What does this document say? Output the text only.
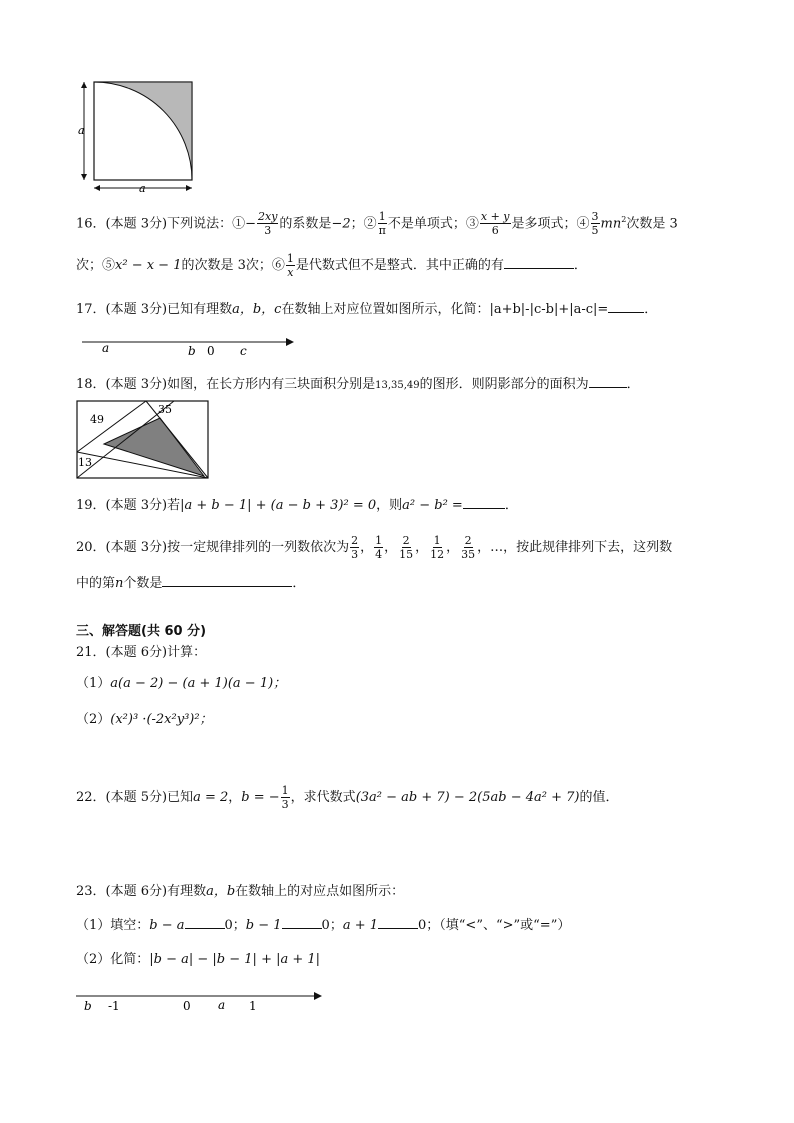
a
a
16．(本题 3分)下列说法：①− $\frac{2xy}{3}$ 的系数是−2；② $\frac{1}{\pi}$ 不是单项式；③ $\frac{x + y}{6}$ 是多项式；④ $\frac{3}{5} mn^2$次数是 3
次；⑤x² − x − 1的次数是 3次；⑥ $\frac{1}{x}$ 是代数式但不是整式．其中正确的有	．
17．(本题 3分)已知有理数a，b，c在数轴上对应位置如图所示，化简：|a+b|-|c-b|+|a-c|=	．
a	b 0 c
18．(本题 3分)如图，在长方形内有三块面积分别是13,35,49的图形．则阴影部分的面积为	．
49
35
13
19．(本题 3分)若|a + b − 1| + (a − b + 3)² = 0，则a² − b² =	．
20．(本题 3分)按一定规律排列的一列数依次为 $\frac{2}{3}$ ， $\frac{1}{4}$ ， $\frac{2}{15}$ ， $\frac{1}{12}$ ， $\frac{2}{35}$ ，…，按此规律排列下去，这列数
中的第n个数是	．
三、解答题(共 60 分)
21．(本题 6分)计算：
（1）a(a − 2) − (a + 1)(a − 1)；
（2）(x²)³ ·(-2x²y³)²；
22．(本题 5分)已知a = 2，b = − $\frac{1}{3}$ ，求代数式(3a² − ab + 7) − 2(5ab − 4a² + 7)的值．
23．(本题 6分)有理数a，b在数轴上的对应点如图所示：
（1）填空：b − a	0；b − 1	0；a + 1	0；（填“<”、“>”或“=”）
（2）化简：|b − a| − |b − 1| + |a + 1|
b -1	0 a 1
